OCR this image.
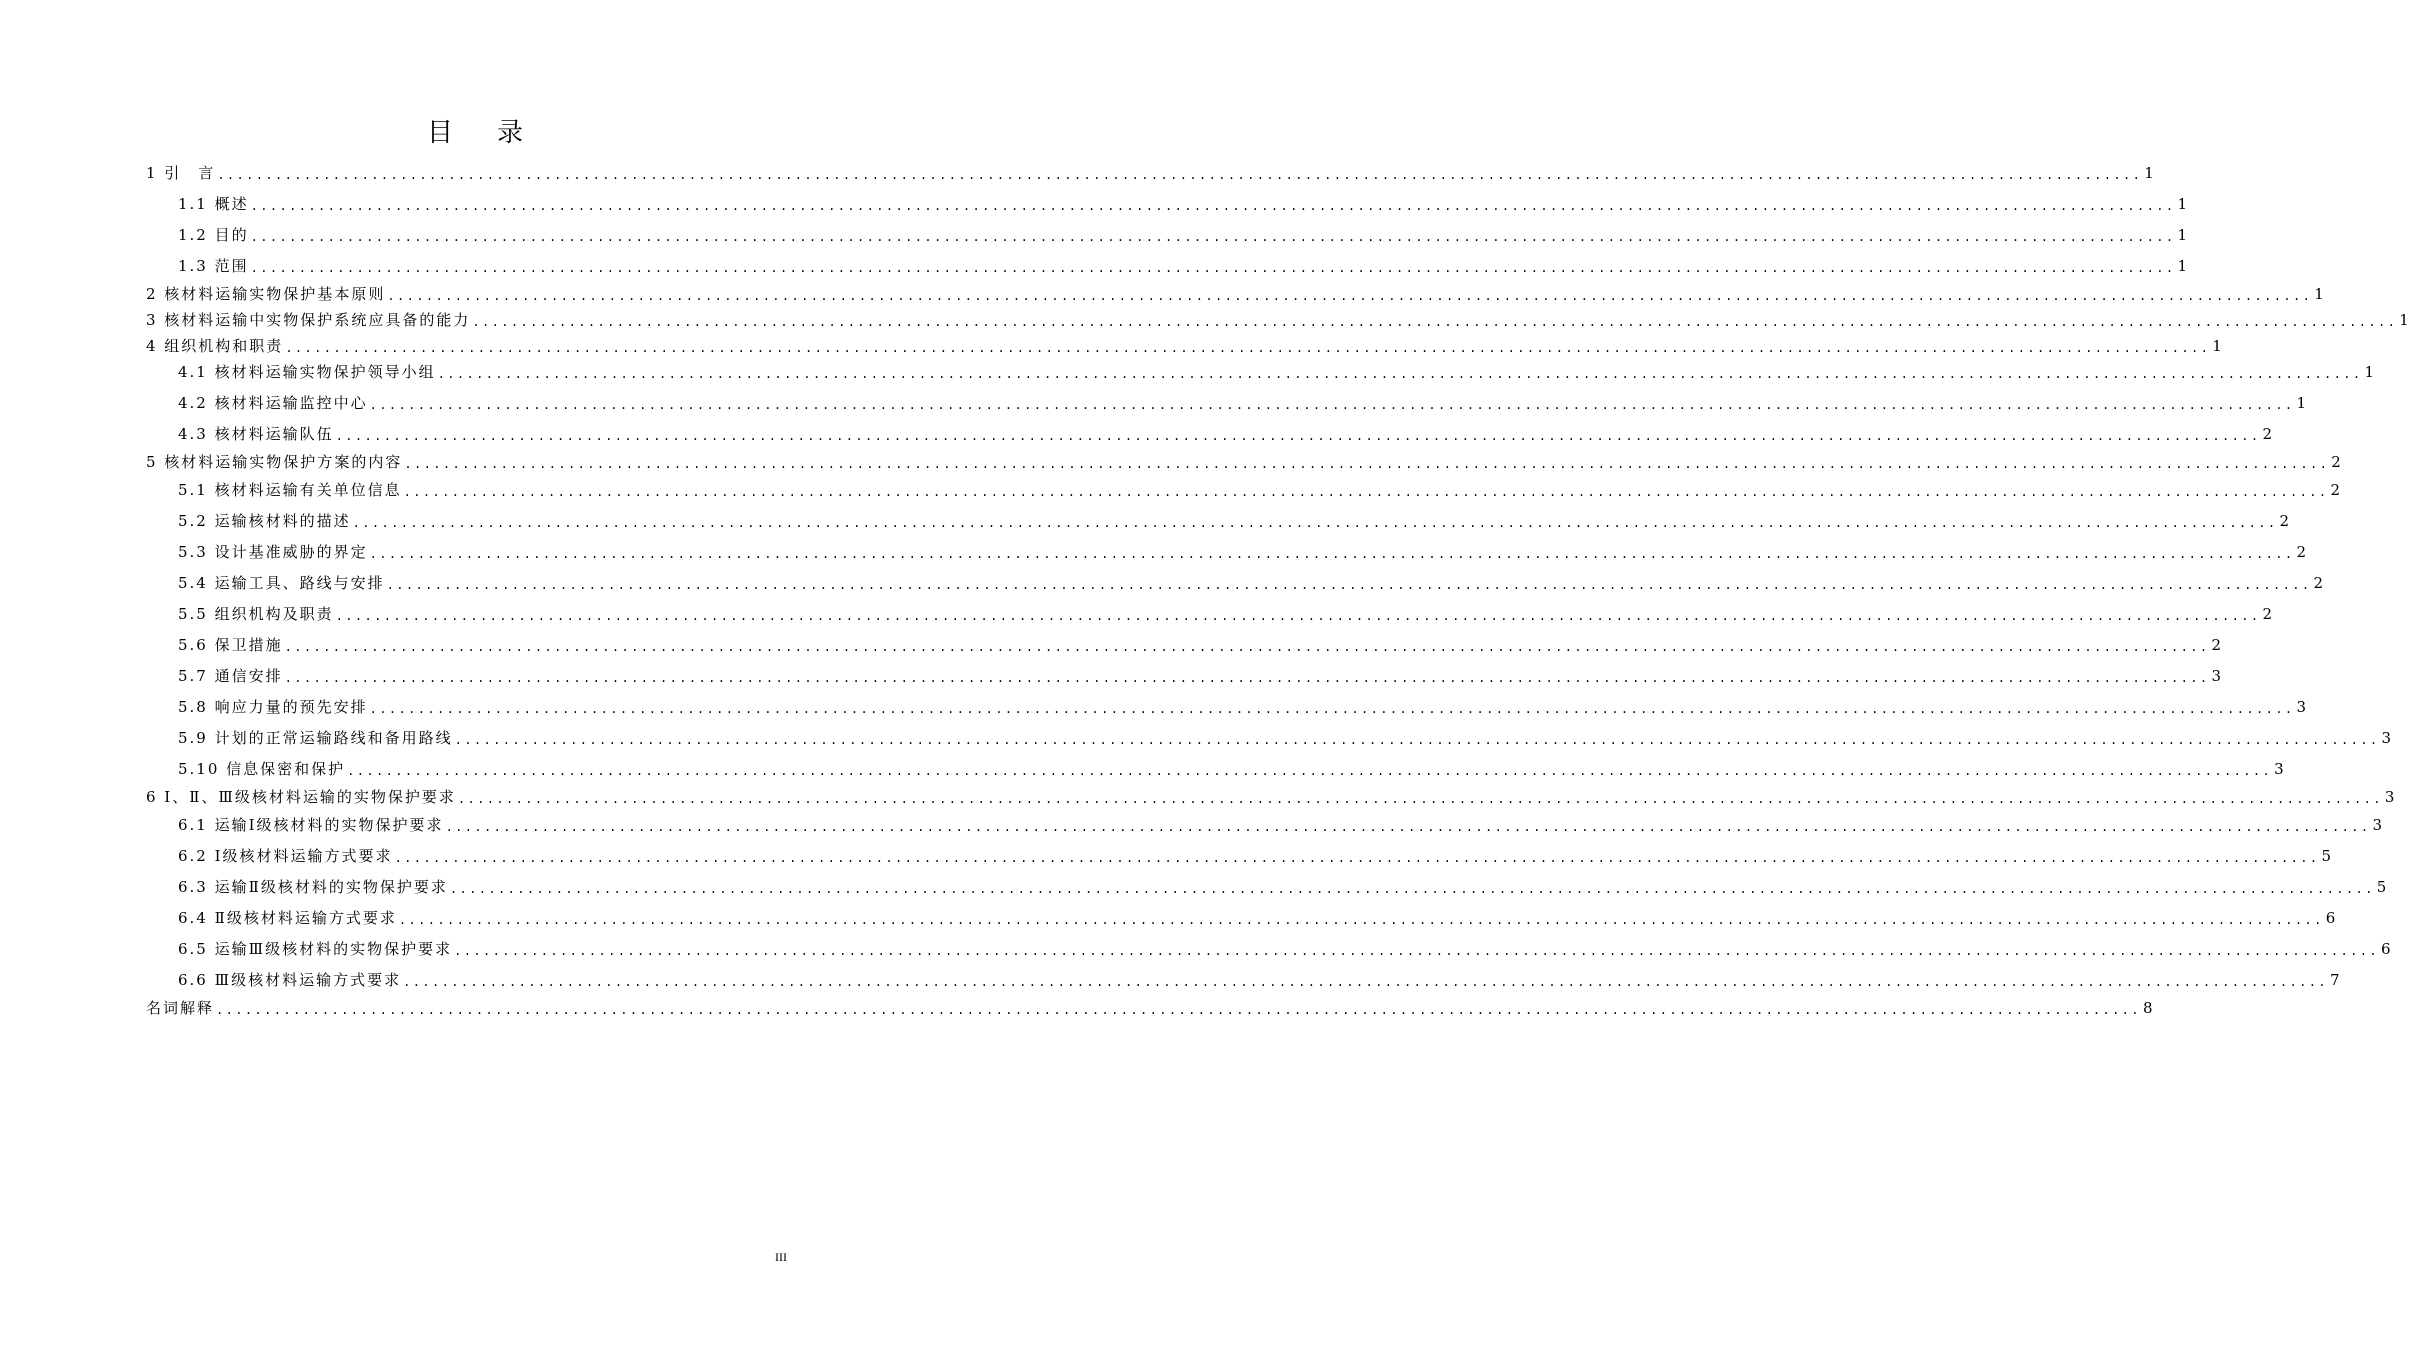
目 录
1 引　言 ........................................................................................................................................................................................................ 1
1.1 概述 ........................................................................................................................................................................................................ 1
1.2 目的 ........................................................................................................................................................................................................ 1
1.3 范围 ........................................................................................................................................................................................................ 1
2 核材料运输实物保护基本原则 ........................................................................................................................................................................................................ 1
3 核材料运输中实物保护系统应具备的能力 ........................................................................................................................................................................................................ 1
4 组织机构和职责 ........................................................................................................................................................................................................ 1
4.1 核材料运输实物保护领导小组 ........................................................................................................................................................................................................ 1
4.2 核材料运输监控中心 ........................................................................................................................................................................................................ 1
4.3 核材料运输队伍 ........................................................................................................................................................................................................ 2
5 核材料运输实物保护方案的内容 ........................................................................................................................................................................................................ 2
5.1 核材料运输有关单位信息 ........................................................................................................................................................................................................ 2
5.2 运输核材料的描述 ........................................................................................................................................................................................................ 2
5.3 设计基准威胁的界定 ........................................................................................................................................................................................................ 2
5.4 运输工具、路线与安排 ........................................................................................................................................................................................................ 2
5.5 组织机构及职责 ........................................................................................................................................................................................................ 2
5.6 保卫措施 ........................................................................................................................................................................................................ 2
5.7 通信安排 ........................................................................................................................................................................................................ 3
5.8 响应力量的预先安排 ........................................................................................................................................................................................................ 3
5.9 计划的正常运输路线和备用路线 ........................................................................................................................................................................................................ 3
5.10 信息保密和保护 ........................................................................................................................................................................................................ 3
6 Ⅰ、Ⅱ、Ⅲ级核材料运输的实物保护要求 ........................................................................................................................................................................................................ 3
6.1 运输Ⅰ级核材料的实物保护要求 ........................................................................................................................................................................................................ 3
6.2 Ⅰ级核材料运输方式要求 ........................................................................................................................................................................................................ 5
6.3 运输Ⅱ级核材料的实物保护要求 ........................................................................................................................................................................................................ 5
6.4 Ⅱ级核材料运输方式要求 ........................................................................................................................................................................................................ 6
6.5 运输Ⅲ级核材料的实物保护要求 ........................................................................................................................................................................................................ 6
6.6 Ⅲ级核材料运输方式要求 ........................................................................................................................................................................................................ 7
名词解释 ........................................................................................................................................................................................................ 8
III
